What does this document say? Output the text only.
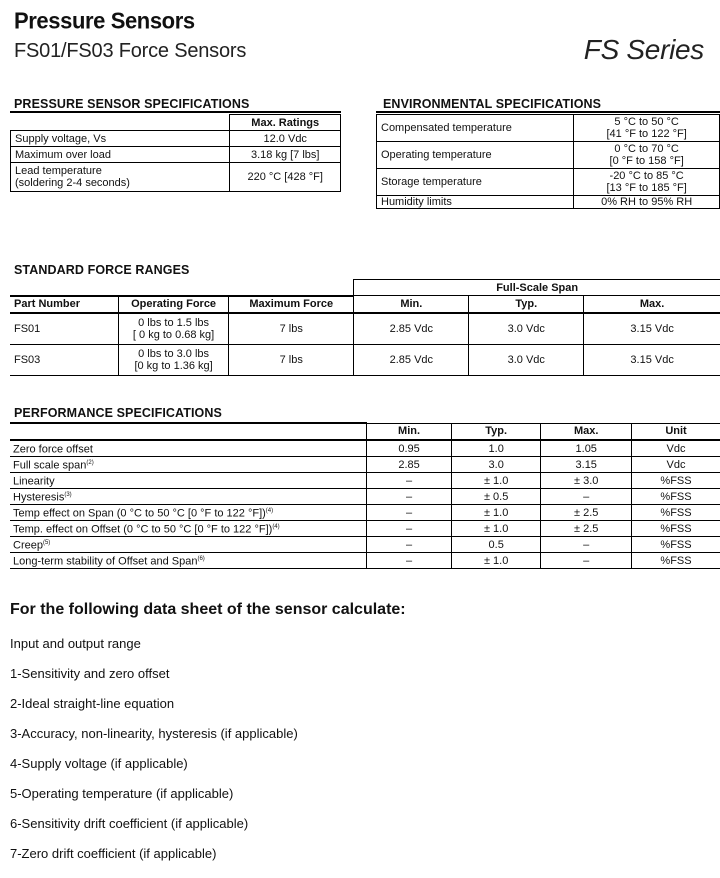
Pressure Sensors
FS01/FS03 Force Sensors	FS Series
PRESSURE SENSOR SPECIFICATIONS
	Max. Ratings
Supply voltage, Vs	12.0 Vdc
Maximum over load	3.18 kg [7 lbs]

Lead temperature
(soldering 2-4 seconds)	220 °C [428 °F]
ENVIRONMENTAL SPECIFICATIONS
Compensated temperature	5 °C to 50 °C
[41 °F to 122 °F]

Operating temperature	0 °C to 70 °C
[0 °F to 158 °F]

Storage temperature	-20 °C to 85 °C
[13 °F to 185 °F]

Humidity limits	0% RH to 95% RH
STANDARD FORCE RANGES
			Full-Scale Span		
Part Number	Operating Force	Maximum Force	Min.	Typ.	Max.
FS01	0 lbs to 1.5 lbs
[ 0 kg to 0.68 kg]	7 lbs	2.85 Vdc	3.0 Vdc	3.15 Vdc
FS03	0 lbs to 3.0 lbs
[0 kg to 1.36 kg]	7 lbs	2.85 Vdc	3.0 Vdc	3.15 Vdc
PERFORMANCE SPECIFICATIONS
	Min.	Typ.	Max.	Unit
Zero force offset	0.95	1.0	1.05	Vdc
Full scale span$^{(2)}$	2.85	3.0	3.15	Vdc
Linearity	–	± 1.0	± 3.0	%FSS
Hysteresis$^{(3)}$	–	± 0.5	–	%FSS
Temp effect on Span (0 °C to 50 °C [0 °F to 122 °F])$^{(4)}$	–	± 1.0	± 2.5	%FSS
Temp. effect on Offset (0 °C to 50 °C [0 °F to 122 °F])$^{(4)}$	–	± 1.0	± 2.5	%FSS
Creep$^{(5)}$	–	0.5	–	%FSS
Long-term stability of Offset and Span$^{(6)}$	–	± 1.0	–	%FSS
For the following data sheet of the sensor calculate:
Input and output range
1-Sensitivity and zero offset
2-Ideal straight-line equation
3-Accuracy, non-linearity, hysteresis (if applicable)
4-Supply voltage (if applicable)
5-Operating temperature (if applicable)
6-Sensitivity drift coefficient (if applicable)
7-Zero drift coefficient (if applicable)
